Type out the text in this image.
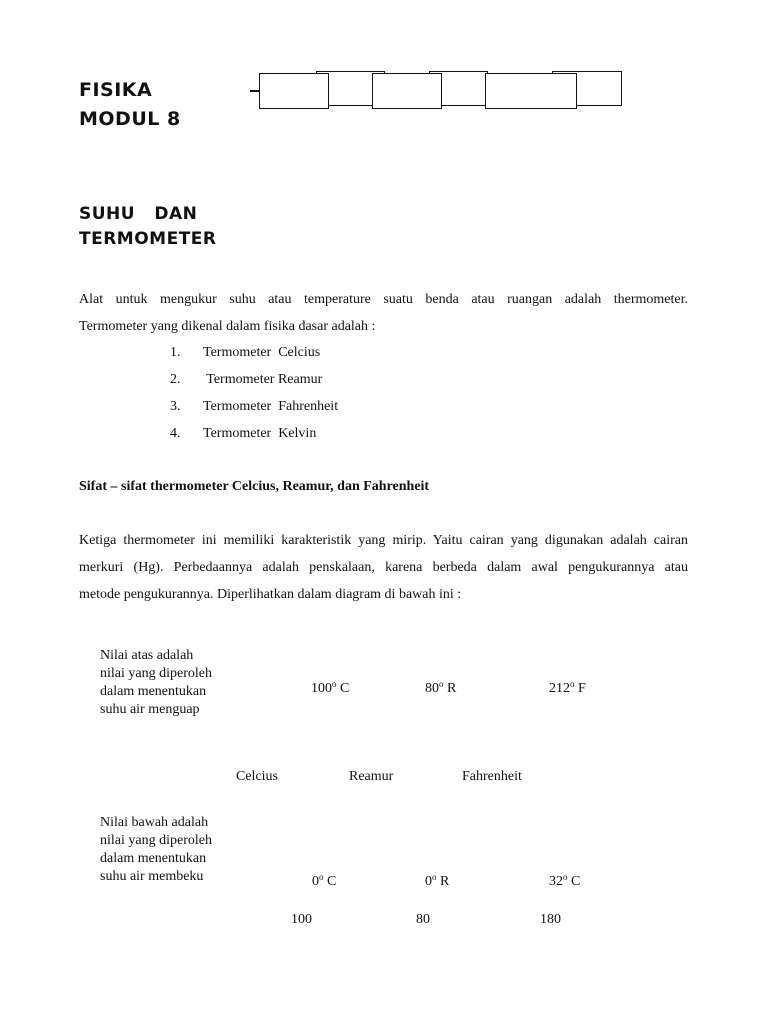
FISIKA
MODUL 8
SUHU   DAN
TERMOMETER
Alat untuk mengukur suhu atau temperature suatu benda atau ruangan adalah thermometer.
Termometer yang dikenal dalam fisika dasar adalah :
1. Termometer  Celcius
2. Termometer Reamur
3. Termometer  Fahrenheit
4. Termometer  Kelvin
Sifat – sifat thermometer Celcius, Reamur, dan Fahrenheit
Ketiga thermometer ini memiliki karakteristik yang mirip. Yaitu cairan yang digunakan adalah cairan
merkuri (Hg). Perbedaannya adalah penskalaan, karena berbeda dalam awal pengukurannya atau
metode pengukurannya. Diperlihatkan dalam diagram di bawah ini :
Nilai atas adalah
nilai yang diperoleh
dalam menentukan
suhu air menguap
100$^o$ C	80$^o$ R	212$^o$ F
Celcius	Reamur	Fahrenheit
Nilai bawah adalah
nilai yang diperoleh
dalam menentukan
suhu air membeku	0$^o$ C	0$^o$ R	32$^o$ C
100	80	180
